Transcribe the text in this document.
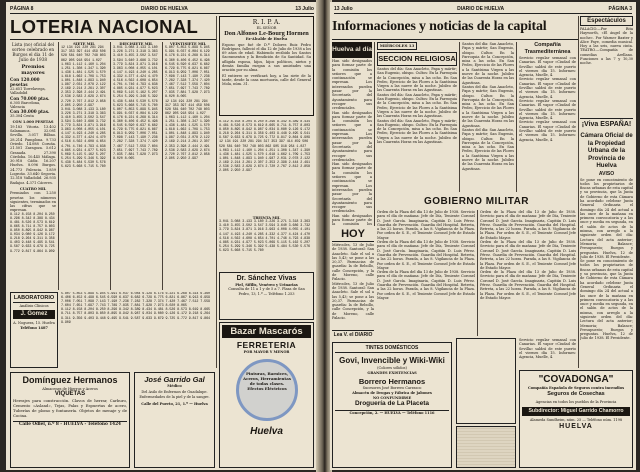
PÁGINA 8	DIARIO DE HUELVA	13 Julio
LOTERIA NACIONAL
Lista (no) oficial del sorteo celebrado en Burgos el dia 11 de Julio de 1938
Premios mayores
Con 120.000 pesetas
22.651 Torrelavega, Valladolid
Con 70.000 ptas.
6.305 Barcelona, Valencia
Con 30.000 ptas.
35.304 Ceuta
CON 1.000 PESETAS
19.183 Vitoria. 13.402 Salamanca. 32.081 Sevilla. 3.017 Bilbao. 28.214 Pamplona. 9.733 Oviedo. 14.088 Coruña. 21.501 Zaragoza. 5.612 Granada. 27.390 Córdoba. 10.445 Málaga. 30.918 Cádiz. 16.207 Huelva. 8.096 Burgos. 24.773 Palencia. 1.859 Logroño. 33.640 Segovia. 12.518 Valladolid. 26.935 Badajoz. 4.371 Cáceres.
CUATRO MIL
Premiados con 1.250 pesetas los números siguientes, terminados en las cifras que se expresan.
8.112 8.158 8.204 8.250 8.296 8.342 8.389 8.434 8.481 8.526 8.573 8.619 8.665 8.711 8.757 8.803 8.850 8.895 8.942 8.987 9.034 9.080 9.126 9.172 9.218 9.264 9.311 9.356 9.403 9.448 9.495 9.541 9.587 9.633 9.679 9.725 9.772 9.817 9.864 9.909
SIETE MIL
12 134 191 220 281 294 317 353 397 414 459 506 528 581 640 702 748 803 862 905 918 954 1.027 1.063 1.112 1.160 1.204 1.251 1.308 1.347 1.390 1.436 1.481 1.525 1.570 1.618 1.662 1.709 1.753 1.801 1.848 1.893 1.940 1.987 2.031 2.078 2.122 2.169 2.214 2.261 2.307 2.353 2.398 2.444 2.491 2.536 2.583 2.629 2.674 2.720 2.767 2.812 2.858 2.905 2.950 2.997
3.041 3.088 3.133 3.180 3.226 3.271 3.318 3.363 3.410 3.455 3.502 3.547 3.594 3.640 3.686 3.732 3.779 3.824 3.871 3.916 3.963 4.008 4.055 4.101 4.147 4.193 4.240 4.285 4.332 4.377 4.424 4.470 4.516 4.562 4.608 4.654 4.701 4.746 4.793 4.838 4.885 4.931 4.977 5.023 5.069 5.115 5.162 5.207 5.254 5.299 5.346 5.392 5.438 5.484 5.530 5.576 5.623 5.668 5.715 5.760
DIECISIETE MIL
3.041 3.088 3.133 3.180 3.226 3.271 3.318 3.363 3.410 3.455 3.502 3.547 3.594 3.640 3.686 3.732 3.779 3.824 3.871 3.916 3.963 4.008 4.055 4.101 4.147 4.193 4.240 4.285 4.332 4.377 4.424 4.470 4.516 4.562 4.608 4.654 4.701 4.746 4.793 4.838 4.885 4.931 4.977 5.023 5.069 5.115 5.162 5.207 5.254 5.299 5.346 5.392 5.438 5.484 5.530 5.576 5.623 5.668 5.715 5.760
5.807 5.853 5.899 5.945 5.991 6.037 6.084 6.129 6.176 6.221 6.268 6.314 6.360 6.406 6.452 6.498 6.545 6.590 6.637 6.682 6.729 6.775 6.821 6.867 6.913 6.959 7.006 7.051 7.098 7.143 7.190 7.236 7.282 7.328 7.374 7.420 7.467 7.512 7.559 7.604 7.651 7.697 7.743 7.789 7.835 7.881 7.928 7.973 8.020 8.065
VEINTISIETE MIL
5.807 5.853 5.899 5.945 5.991 6.037 6.084 6.129 6.176 6.221 6.268 6.314 6.360 6.406 6.452 6.498 6.545 6.590 6.637 6.682 6.729 6.775 6.821 6.867 6.913 6.959 7.006 7.051 7.098 7.143 7.190 7.236 7.282 7.328 7.374 7.420 7.467 7.512 7.559 7.604 7.651 7.697 7.743 7.789 7.835 7.881 7.928 7.973 8.020 8.065
12 134 191 220 281 294 317 353 397 414 459 506 528 581 640 702 748 803 862 905 918 954 1.027 1.063 1.112 1.160 1.204 1.251 1.308 1.347 1.390 1.436 1.481 1.525 1.570 1.618 1.662 1.709 1.753 1.801 1.848 1.893 1.940 1.987 2.031 2.078 2.122 2.169 2.214 2.261 2.307 2.353 2.398 2.444 2.491 2.536 2.583 2.629 2.674 2.720 2.767 2.812 2.858 2.905 2.950 2.997
R. I. P. A.
EL SEÑOR
Don Alfonso Le-Bourg Hormen
Ex-Alcalde de Huelva
Esposo que fué de D.ª Dolores Ruiz Pedro Rodríguez, falleció el día 12 de Julio de 1938 a los 69 años de edad. Habiendo recibido los Santos Sacramentos y la Bendición de Su Santidad. Su afligida esposa, hijos, hijos políticos, nietos y demás familia ruegan a sus amistades una oración por su alma.
El entierro se verificará hoy, a las siete de la tarde, desde la casa mortuoria, calle del General Mola, núm. 31.
8.112 8.158 8.204 8.250 8.296 8.342 8.389 8.434 8.481 8.526 8.573 8.619 8.665 8.711 8.757 8.803 8.850 8.895 8.942 8.987 9.034 9.080 9.126 9.172 9.218 9.264 9.311 9.356 9.403 9.448 9.495 9.541 9.587 9.633 9.679 9.725 9.772 9.817 9.864 9.909
12 134 191 220 281 294 317 353 397 414 459 506 528 581 640 702 748 803 862 905 918 954 1.027 1.063 1.112 1.160 1.204 1.251 1.308 1.347 1.390 1.436 1.481 1.525 1.570 1.618 1.662 1.709 1.753 1.801 1.848 1.893 1.940 1.987 2.031 2.078 2.122 2.169 2.214 2.261 2.307 2.353 2.398 2.444 2.491 2.536 2.583 2.629 2.674 2.720 2.767 2.812 2.858 2.905 2.950 2.997
TREINTA MIL
3.041 3.088 3.133 3.180 3.226 3.271 3.318 3.363 3.410 3.455 3.502 3.547 3.594 3.640 3.686 3.732 3.779 3.824 3.871 3.916 3.963 4.008 4.055 4.101 4.147 4.193 4.240 4.285 4.332 4.377 4.424 4.470 4.516 4.562 4.608 4.654 4.701 4.746 4.793 4.838 4.885 4.931 4.977 5.023 5.069 5.115 5.162 5.207 5.254 5.299 5.346 5.392 5.438 5.484 5.530 5.576 5.623 5.668 5.715 5.760
Dr. Sánchez Vivas
Piel, Sífilis, Venéreo y Urinarias
Consulta de 11 a 1 y de 5 a 7. Plaza de San Pedro, 13, 1.º — Teléfono 1.253
5.807 5.853 5.899 5.945 5.991 6.037 6.084 6.129 6.176 6.221 6.268 6.314 6.360 6.406 6.452 6.498 6.545 6.590 6.637 6.682 6.729 6.775 6.821 6.867 6.913 6.959 7.006 7.051 7.098 7.143 7.190 7.236 7.282 7.328 7.374 7.420 7.467 7.512 7.559 7.604 7.651 7.697 7.743 7.789 7.835 7.881 7.928 7.973 8.020 8.065
8.112 8.158 8.204 8.250 8.296 8.342 8.389 8.434 8.481 8.526 8.573 8.619 8.665 8.711 8.757 8.803 8.850 8.895 8.942 8.987 9.034 9.080 9.126 9.172 9.218 9.264 9.311 9.356 9.403 9.448 9.495 9.541 9.587 9.633 9.679 9.725 9.772 9.817 9.864 9.909
LABORATORIO
Análisis Clínicos
J. Gomez
A. Noguera, 15. Huelva
Teléfono 1487	Bazar Mascarós
FERRETERIA
POR MAYOR Y MENOR
Pinturas, Barnices, Aceros, Herramientas de todas clases. Efectos Eléctricos
Huelva
Domínguez Hermanos
Almacenes de Hierros y Aceros
VIQUETAS
Herrajes para construcción. Clavos de herrar, Carburo, Cemento «Asland», Tejas, Palas y Espuertas de acero, Tuberías de plomo y fontanería. Objetos de menaje y de Cocina.
Calle Odiel, n.º 8 - HUELVA - Teléfono 1424
José Garrido Gal
Médico
Del Asilo de Enfermos de Guadalupe. Enfermedades de la piel y de la sangre.
Calle del Puerto, 21, 1.º — Huelva
13 Julio	DIARIO DE HUELVA	PÁGINA 3
Informaciones y noticias de la capital	Espectáculos
PALACIO.—Por Rita Hayworth, «El ángel de la noche». Por Warner Baxter y Alice Faye, comedia musical. Hoy a las seis, nueva cinta. TEATRO.—Compañía de comedias Arellano. Funciones a las 7 y 10,30 noche.
¡Viva ESPAÑA!
Cámara Oficial de la Propiedad Urbana de la Provincia de Huelva
AVISO
Se pone en conocimiento de todos los propietarios de fincas urbanas de esta capital y su provincia, que la Junta de Gobierno de esta Cámara ha acordado celebrar Junta General Ordinaria el domingo día 24 del actual a las once de la mañana en primera convocatoria y a las once y media en segunda, en el salón de actos de la misma, con arreglo a la siguiente orden del día: Lectura del acta anterior; Memoria; Balance; Presupuesto; Ruegos y preguntas. Huelva, 12 de Julio de 1938. El Presidente.
Se pone en conocimiento de todos los propietarios de fincas urbanas de esta capital y su provincia, que la Junta de Gobierno de esta Cámara ha acordado celebrar Junta General Ordinaria el domingo día 24 del actual a las once de la mañana en primera convocatoria y a las once y media en segunda, en el salón de actos de la misma, con arreglo a la siguiente orden del día: Lectura del acta anterior; Memoria; Balance; Presupuesto; Ruegos y preguntas. Huelva, 12 de Julio de 1938. El Presidente.
Huelva al día
Han sido designados para formar parte de la comisión los señores que a continuación se expresan. Los interesados pueden pasar por la Secretaría del Ayuntamiento para recoger sus credenciales.
Han sido designados para formar parte de la comisión los señores que a continuación se expresan. Los interesados pueden pasar por la Secretaría del Ayuntamiento para recoger sus credenciales.
Han sido designados para formar parte de la comisión los señores que a continuación se expresan. Los interesados pueden pasar por la Secretaría del Ayuntamiento para recoger sus credenciales.
Han sido designados para formar parte de la comisión los
MIÉRCOLES 13
SECCION RELIGIOSA
Santos del día: San Anacleto, Papa y mártir; San Eugenio, obispo. Cultos: En la Parroquia de la Concepción, misa a las ocho. En San Pedro, Ejercicio de las Flores a la Santísima Virgen a las nueve de la noche. Jubileo de las Cuarenta Horas en las Agustinas.
Santos del día: San Anacleto, Papa y mártir; San Eugenio, obispo. Cultos: En la Parroquia de la Concepción, misa a las ocho. En San Pedro, Ejercicio de las Flores a la Santísima Virgen a las nueve de la noche. Jubileo de las Cuarenta Horas en las Agustinas.
Santos del día: San Anacleto, Papa y mártir; San Eugenio, obispo. Cultos: En la Parroquia de la Concepción, misa a las ocho. En San Pedro, Ejercicio de las Flores a la Santísima Virgen a las nueve de la noche. Jubileo de las Cuarenta Horas en las Agustinas.
Santos del día: San Anacleto, Papa y mártir; San Eugenio, obispo. Cultos: En la Parroquia de la Concepción, misa a las ocho. En San Pedro, Ejercicio de las Flores a la Santísima Virgen a las nueve de la noche. Jubileo de las Cuarenta Horas en las Agustinas.
Santos del día: San Anacleto, Papa y mártir; San Eugenio, obispo. Cultos: En la Parroquia de la Concepción, misa a las ocho. En San Pedro, Ejercicio de las Flores a la Santísima Virgen a las nueve de la noche. Jubileo de las Cuarenta Horas en las Agustinas.
Santos del día: San Anacleto, Papa y mártir; San Eugenio, obispo. Cultos: En la Parroquia de la Concepción, misa a las ocho. En San Pedro, Ejercicio de las Flores a la Santísima Virgen a las nueve de la noche. Jubileo de las Cuarenta Horas en las Agustinas.
Compañía Trasmediterránea
Servicio regular semanal con Canarias. El vapor «Ciudad de Sevilla» saldrá de este puerto el viernes día 15. Informes: Agencia, Muelle, 4.
Servicio regular semanal con Canarias. El vapor «Ciudad de Sevilla» saldrá de este puerto el viernes día 15. Informes: Agencia, Muelle, 4.
Servicio regular semanal con Canarias. El vapor «Ciudad de Sevilla» saldrá de este puerto el viernes día 15. Informes: Agencia, Muelle, 4.
Servicio regular semanal con Canarias. El vapor «Ciudad de Sevilla» saldrá de este puerto el viernes día 15. Informes: Agencia, Muelle, 4.
GOBIERNO MILITAR
Orden de la Plaza del día 13 de Julio de 1938. Servicio para el día de mañana: Jefe de Día, Teniente Coronel D. José García. Imaginaria, Capitán D. Luis Pérez. Guardia de Prevención. Guardia del Hospital. Retreta, a las 22 horas. Parada, a las 8. Vigilancia de la Plaza. Por orden de S. E., el Teniente Coronel Jefe de Estado Mayor.
Orden de la Plaza del día 13 de Julio de 1938. Servicio para el día de mañana: Jefe de Día, Teniente Coronel D. José García. Imaginaria, Capitán D. Luis Pérez. Guardia de Prevención. Guardia del Hospital. Retreta, a las 22 horas. Parada, a las 8. Vigilancia de la Plaza. Por orden de S. E., el Teniente Coronel Jefe de Estado Mayor.
Orden de la Plaza del día 13 de Julio de 1938. Servicio para el día de mañana: Jefe de Día, Teniente Coronel D. José García. Imaginaria, Capitán D. Luis Pérez. Guardia de Prevención. Guardia del Hospital. Retreta, a las 22 horas. Parada, a las 8. Vigilancia de la Plaza. Por orden de S. E., el Teniente Coronel Jefe de Estado Mayor.
Orden de la Plaza del día 13 de Julio de 1938. Servicio para el día de mañana: Jefe de Día, Teniente Coronel D. José García. Imaginaria, Capitán D. Luis Pérez. Guardia de Prevención. Guardia del Hospital. Retreta, a las 22 horas. Parada, a las 8. Vigilancia de la Plaza. Por orden de S. E., el Teniente Coronel Jefe de Estado Mayor.
Orden de la Plaza del día 13 de Julio de 1938. Servicio para el día de mañana: Jefe de Día, Teniente Coronel D. José García. Imaginaria, Capitán D. Luis Pérez. Guardia de Prevención. Guardia del Hospital. Retreta, a las 22 horas. Parada, a las 8. Vigilancia de la Plaza. Por orden de S. E., el Teniente Coronel Jefe de Estado Mayor.
Orden de la Plaza del día 13 de Julio de 1938. Servicio para el día de mañana: Jefe de Día, Teniente Coronel D. José García. Imaginaria, Capitán D. Luis Pérez. Guardia de Prevención. Guardia del Hospital. Retreta, a las 22 horas. Parada, a las 8. Vigilancia de la Plaza. Por orden de S. E., el Teniente Coronel Jefe de Estado Mayor.
HOY
Miércoles, 13 de Julio de 1938. Santoral: San Anacleto. Sale el sol a las 5,43; se pone a las 20,37. Farmacias de guardia: la de Rebollo, calle Concepción, y la de Moreno, calle Palacio.
Miércoles, 13 de Julio de 1938. Santoral: San Anacleto. Sale el sol a las 5,43; se pone a las 20,37. Farmacias de guardia: la de Rebollo, calle Concepción, y la de Moreno, calle Palacio.
Lea V. el DIARIO
TINTES DOMÉSTICOS
Govi, Invencible y Wiki-Wiki
(Colores sólidos)
GRANDES EXISTENCIAS
Borrero Hermanos
Sucesores José Borrero Carrasco
Almacén de Drogas y Fábrica de Jabones
NO CONFUNDIRSE
Droguería de La Placeta
Concepción, 2. — HUELVA — Teléfono 1116
"COVADONGA"
Compañía Española de Seguros contra incendios
Seguros de Cosechas
Agencias en todos los pueblos de la Provincia
Subdirector: Miguel Garrido Chamorro
Alameda Sundheim, núm. 25 — Teléfono núm. 1198
HUELVA
Servicio regular semanal con Canarias. El vapor «Ciudad de Sevilla» saldrá de este puerto el viernes día 15. Informes: Agencia, Muelle, 4.
